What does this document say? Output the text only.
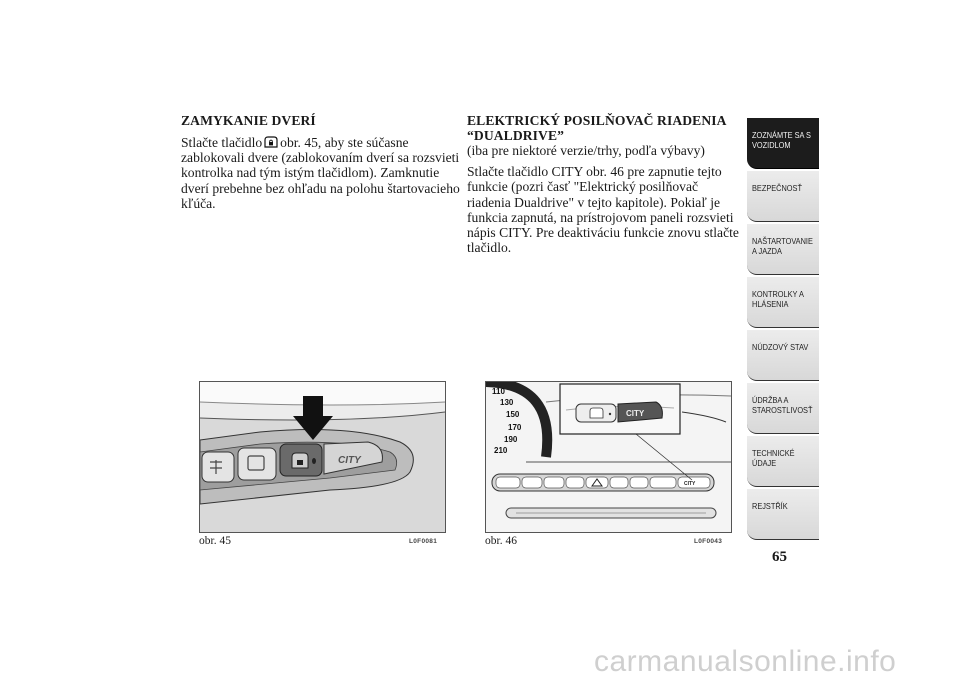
ZAMYKANIE DVERÍ

Stlačte tlačidlo obr. 45, aby ste súčasne zablokovali dvere (zablokovaním dverí sa rozsvieti kontrolka nad tým istým tlačidlom). Zamknutie dverí prebehne bez ohľadu na polohu štartovacieho kľúča.

ELEKTRICKÝ POSILŇOVAČ RIADENIA “DUALDRIVE”

(iba pre niektoré verzie/trhy, podľa výbavy)

Stlačte tlačidlo CITY obr. 46 pre zapnutie tejto funkcie (pozri časť "Elektrický posilňovač riadenia Dualdrive" v tejto kapitole). Pokiaľ je funkcia zapnutá, na prístrojovom paneli rozsvieti nápis CITY. Pre deaktiváciu funkcie znovu stlačte tlačidlo.

CITY
obr. 45	L0F0081
110
130
150
170
190
210
CITY
CITY
obr. 46	L0F0043
ZOZNÁMTE SA S
VOZIDLOM
BEZPEČNOSŤ
NAŠTARTOVANIE
A JAZDA
KONTROLKY A
HLÁSENIA
NÚDZOVÝ STAV
ÚDRŽBA A
STAROSTLIVOSŤ
TECHNICKÉ
ÚDAJE
REJSTŘÍK
65
carmanualsonline.info
